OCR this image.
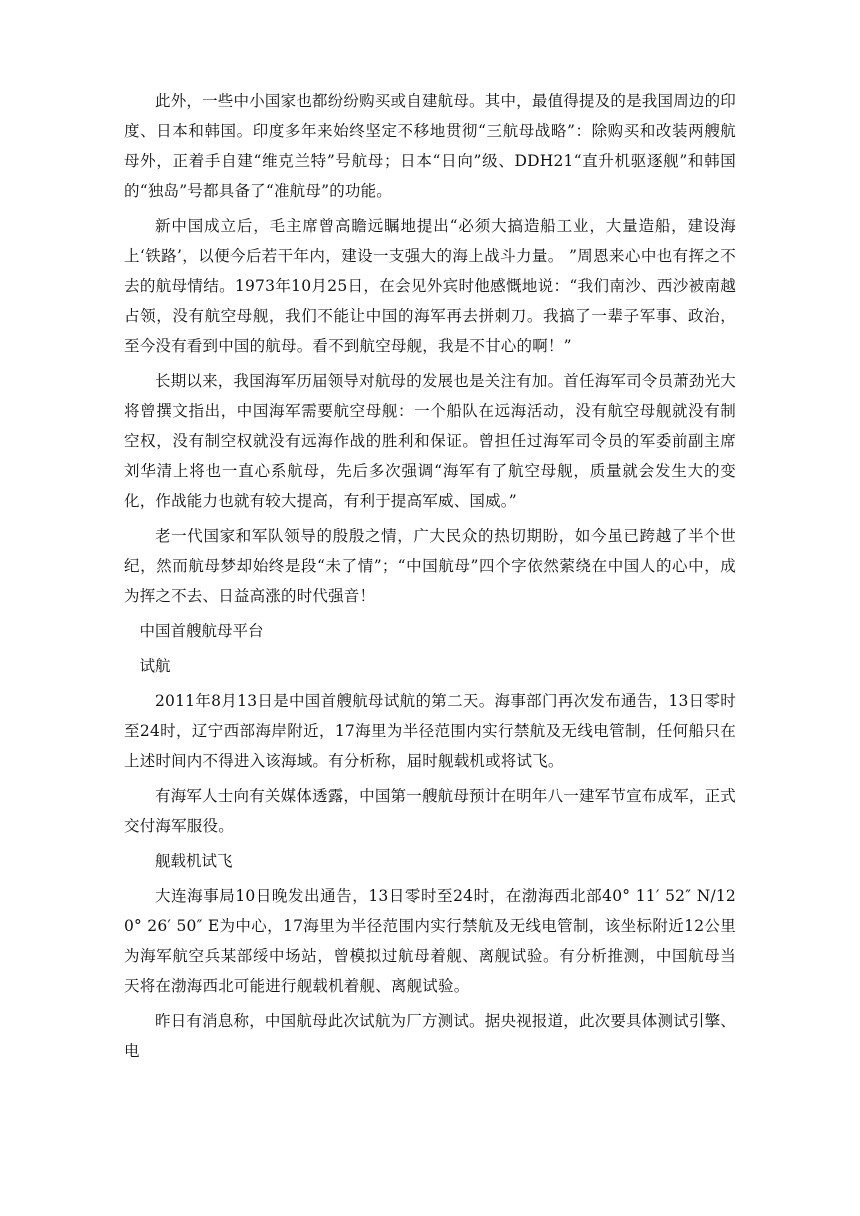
此外，一些中小国家也都纷纷购买或自建航母。其中，最值得提及的是我国周边的印度、日本和韩国。印度多年来始终坚定不移地贯彻“三航母战略”：除购买和改装两艘航母外，正着手自建“维克兰特”号航母；日本“日向”级、DDH21“直升机驱逐舰”和韩国的“独岛”号都具备了“准航母”的功能。

新中国成立后，毛主席曾高瞻远瞩地提出“必须大搞造船工业，大量造船，建设海上‘铁路’，以便今后若干年内，建设一支强大的海上战斗力量。 ”周恩来心中也有挥之不去的航母情结。1973年10月25日，在会见外宾时他感慨地说：“我们南沙、西沙被南越占领，没有航空母舰，我们不能让中国的海军再去拼刺刀。我搞了一辈子军事、政治，至今没有看到中国的航母。看不到航空母舰，我是不甘心的啊！”

长期以来，我国海军历届领导对航母的发展也是关注有加。首任海军司令员萧劲光大将曾撰文指出，中国海军需要航空母舰：一个船队在远海活动，没有航空母舰就没有制空权，没有制空权就没有远海作战的胜利和保证。曾担任过海军司令员的军委前副主席刘华清上将也一直心系航母，先后多次强调“海军有了航空母舰，质量就会发生大的变化，作战能力也就有较大提高，有利于提高军威、国威。”

老一代国家和军队领导的殷殷之情，广大民众的热切期盼，如今虽已跨越了半个世纪，然而航母梦却始终是段“未了情”；“中国航母”四个字依然萦绕在中国人的心中，成为挥之不去、日益高涨的时代强音！

中国首艘航母平台

试航

2011年8月13日是中国首艘航母试航的第二天。海事部门再次发布通告，13日零时至24时，辽宁西部海岸附近，17海里为半径范围内实行禁航及无线电管制，任何船只在上述时间内不得进入该海域。有分析称，届时舰载机或将试飞。

有海军人士向有关媒体透露，中国第一艘航母预计在明年八一建军节宣布成军，正式交付海军服役。

舰载机试飞

大连海事局10日晚发出通告，13日零时至24时，在渤海西北部40° 11′ 52″ N/120° 26′ 50″ E为中心，17海里为半径范围内实行禁航及无线电管制，该坐标附近12公里为海军航空兵某部绥中场站，曾模拟过航母着舰、离舰试验。有分析推测，中国航母当天将在渤海西北可能进行舰载机着舰、离舰试验。

昨日有消息称，中国航母此次试航为厂方测试。据央视报道，此次要具体测试引擎、电
